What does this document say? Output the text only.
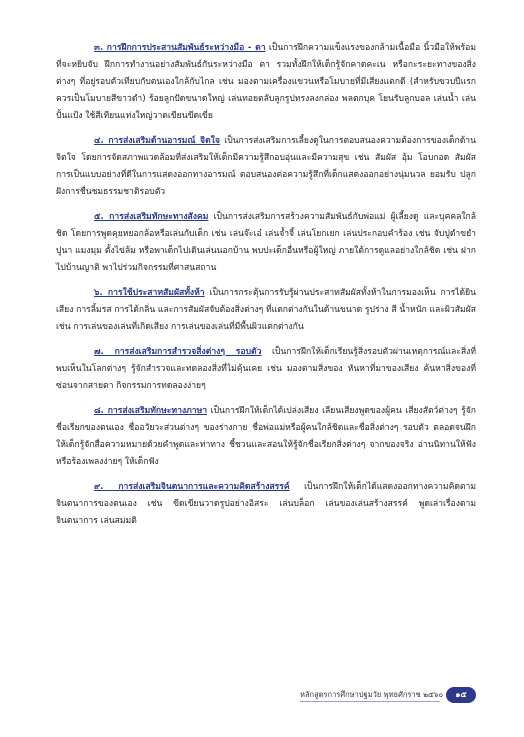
๓. การฝึกการประสานสัมพันธ์ระหว่างมือ - ตา เป็นการฝึกความแข็งแรงของกล้ามเนื้อมือ นิ้วมือให้พร้อมที่จะหยิบจับ ฝึกการทำงานอย่างสัมพันธ์กันระหว่างมือ ตา รวมทั้งฝึกให้เด็กรู้จักคาดคะเน หรือกะระยะทางของสิ่งต่างๆ ที่อยู่รอบตัวเทียบกับตนเองใกล้กับไกล เช่น มองตามเครื่องแขวนหรือโมบายที่มีเสียงแตกดี (สำหรับขวบปีแรก ควรเป็นโมบายสีขาวดำ) ร้อยลูกปัดขนาดใหญ่ เล่นทอยตลับลูกรูปทรงลงกล่อง พลตกบุค โยนรับลูกบอล เล่นน้ำ เล่นปั้นแป้ง ใช้สีเทียนแท่งใหญ่วาดเขียนขีดเขี่ย

๔. การส่งเสริมด้านอารมณ์ จิตใจ เป็นการส่งเสริมการเลี้ยงดูในการตอบสนองความต้องการของเด็กด้านจิตใจ โดยการจัดสภาพแวดล้อมที่ส่งเสริมให้เด็กมีความรู้สึกอบอุ่นและมีความสุข เช่น สัมผัส อุ้ม โอบกอด สัมผัส การเป็นแบบอย่างที่ดีในการแสดงออกทางอารมณ์ ตอบสนองต่อความรู้สึกที่เด็กแสดงออกอย่างนุ่มนวล ยอมรับ ปลูกฝังการชื่นชมธรรมชาติรอบตัว

๕. การส่งเสริมทักษะทางสังคม เป็นการส่งเสริมการสร้างความสัมพันธ์กับพ่อแม่ ผู้เลี้ยงดู และบุคคลใกล้ชิด โดยการพูดคุยหยอกล้อหรือเล่นกับเด็ก เช่น เล่นจ๊ะเอ๋ เล่นจ้ำจี้ เล่นโยกเยก เล่นประกอบคำร้อง เช่น จับปูดำขยำปูนา แมงมุม ตั้งไข่ล้ม หรือพาเด็กไปเดินเล่นนอกบ้าน พบปะเด็กอื่นหรือผู้ใหญ่ ภายใต้การดูแลอย่างใกล้ชิด เช่น ฝากไปบ้านญาติ พาไปร่วมกิจกรรมที่ศาสนสถาน

๖. การใช้ประสาทสัมผัสทั้งห้า เป็นการกระตุ้นการรับรู้ผ่านประสาทสัมผัสทั้งห้าในการมองเห็น การได้ยินเสียง การลิ้มรส การได้กลิ่น และการสัมผัสจับต้องสิ่งต่างๆ ที่แตกต่างกันในด้านขนาด รูปร่าง สี น้ำหนัก และผิวสัมผัส เช่น การเล่นของเล่นที่เกิดเสียง การเล่นของเล่นที่มีพื้นผิวแตกต่างกัน

๗. การส่งเสริมการสำรวจสิ่งต่างๆ รอบตัว เป็นการฝึกให้เด็กเรียนรู้สิ่งรอบตัวผ่านเหตุการณ์และสิ่งที่พบเห็นในโลกต่างๆ รู้จักสำรวจและทดลองสิ่งที่ไม่คุ้นเคย เช่น มองตามสิ่งของ หันหาที่มาของเสียง ค้นหาสิ่งของที่ซ่อนจากสายตา กิจกรรมการทดลองง่ายๆ

๘. การส่งเสริมทักษะทางภาษา เป็นการฝึกให้เด็กได้เปล่งเสียง เลียนเสียงพูดของผู้คน เสียงสัตว์ต่างๆ รู้จักชื่อเรียกของตนเอง ชื่ออวัยวะส่วนต่างๆ ของร่างกาย ชื่อพ่อแม่หรือผู้คนใกล้ชิดและชื่อสิ่งต่างๆ รอบตัว ตลอดจนฝึกให้เด็กรู้จักสื่อความหมายด้วยคำพูดและท่าทาง ชี้ชวนและสอนให้รู้จักชื่อเรียกสิ่งต่างๆ จากของจริง อ่านนิทานให้ฟัง หรือร้องเพลงง่ายๆ ให้เด็กฟัง

๙. การส่งเสริมจินตนาการและความคิดสร้างสรรค์ เป็นการฝึกให้เด็กได้แสดงออกทางความคิดตามจินตนาการของตนเอง เช่น ขีดเขียนวาดรูปอย่างอิสระ เล่นบล็อก เล่นของเล่นสร้างสรรค์ พูดเล่าเรื่องตามจินตนาการ เล่นสมมติ

หลักสูตรการศึกษาปฐมวัย พุทธศักราช ๒๕๖๐	๑๕
